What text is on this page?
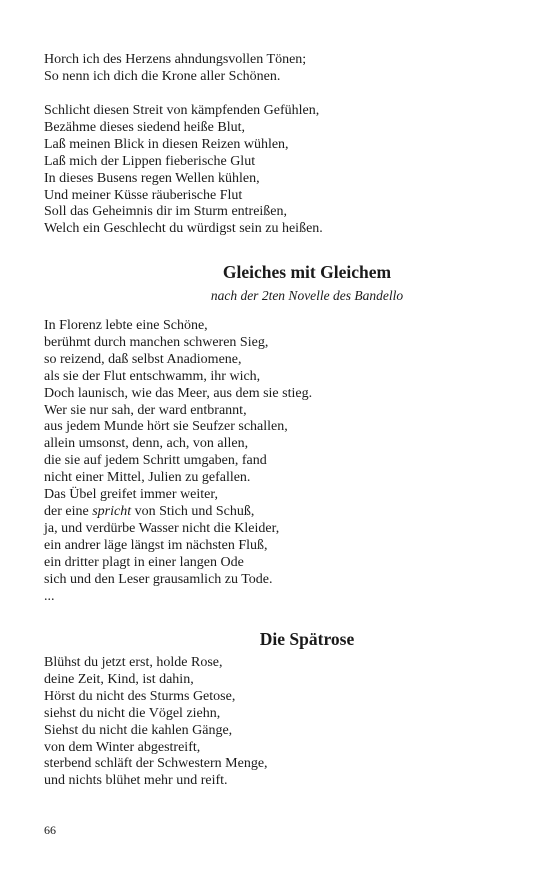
Horch ich des Herzens ahndungsvollen Tönen;
So nenn ich dich die Krone aller Schönen.
Schlicht diesen Streit von kämpfenden Gefühlen,
Bezähme dieses siedend heiße Blut,
Laß meinen Blick in diesen Reizen wühlen,
Laß mich der Lippen fieberische Glut
In dieses Busens regen Wellen kühlen,
Und meiner Küsse räuberische Flut
Soll das Geheimnis dir im Sturm entreißen,
Welch ein Geschlecht du würdigst sein zu heißen.
Gleiches mit Gleichem

nach der 2ten Novelle des Bandello

In Florenz lebte eine Schöne,
berühmt durch manchen schweren Sieg,
so reizend, daß selbst Anadiomene,
als sie der Flut entschwamm, ihr wich,
Doch launisch, wie das Meer, aus dem sie stieg.
Wer sie nur sah, der ward entbrannt,
aus jedem Munde hört sie Seufzer schallen,
allein umsonst, denn, ach, von allen,
die sie auf jedem Schritt umgaben, fand
nicht einer Mittel, Julien zu gefallen.
Das Übel greifet immer weiter,
der eine spricht von Stich und Schuß,
ja, und verdürbe Wasser nicht die Kleider,
ein andrer läge längst im nächsten Fluß,
ein dritter plagt in einer langen Ode
sich und den Leser grausamlich zu Tode.
...
Die Spätrose
Blühst du jetzt erst, holde Rose,
deine Zeit, Kind, ist dahin,
Hörst du nicht des Sturms Getose,
siehst du nicht die Vögel ziehn,
Siehst du nicht die kahlen Gänge,
von dem Winter abgestreift,
sterbend schläft der Schwestern Menge,
und nichts blühet mehr und reift.

66
